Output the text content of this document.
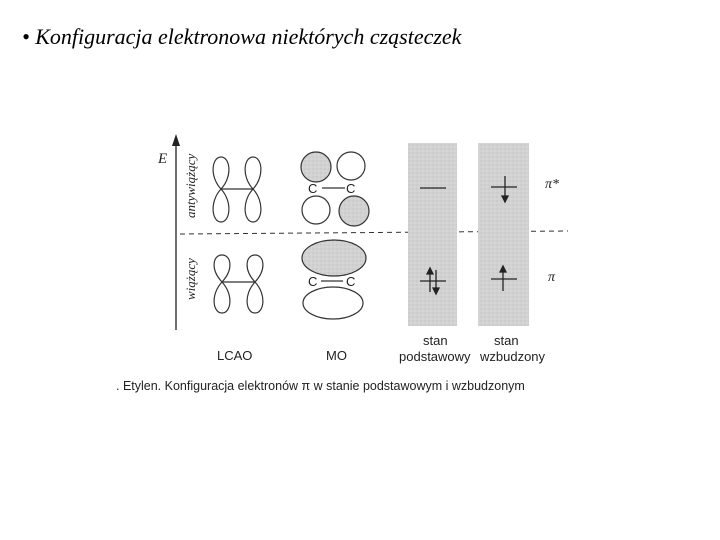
• Konfiguracja elektronowa niektórych cząsteczek
E antywiążący
wiążący
C C
C C
π*
π
LCAO	MO
stan
podstawowy
stan
wzbudzony
. Etylen. Konfiguracja elektronów π w stanie podstawowym i wzbudzonym
